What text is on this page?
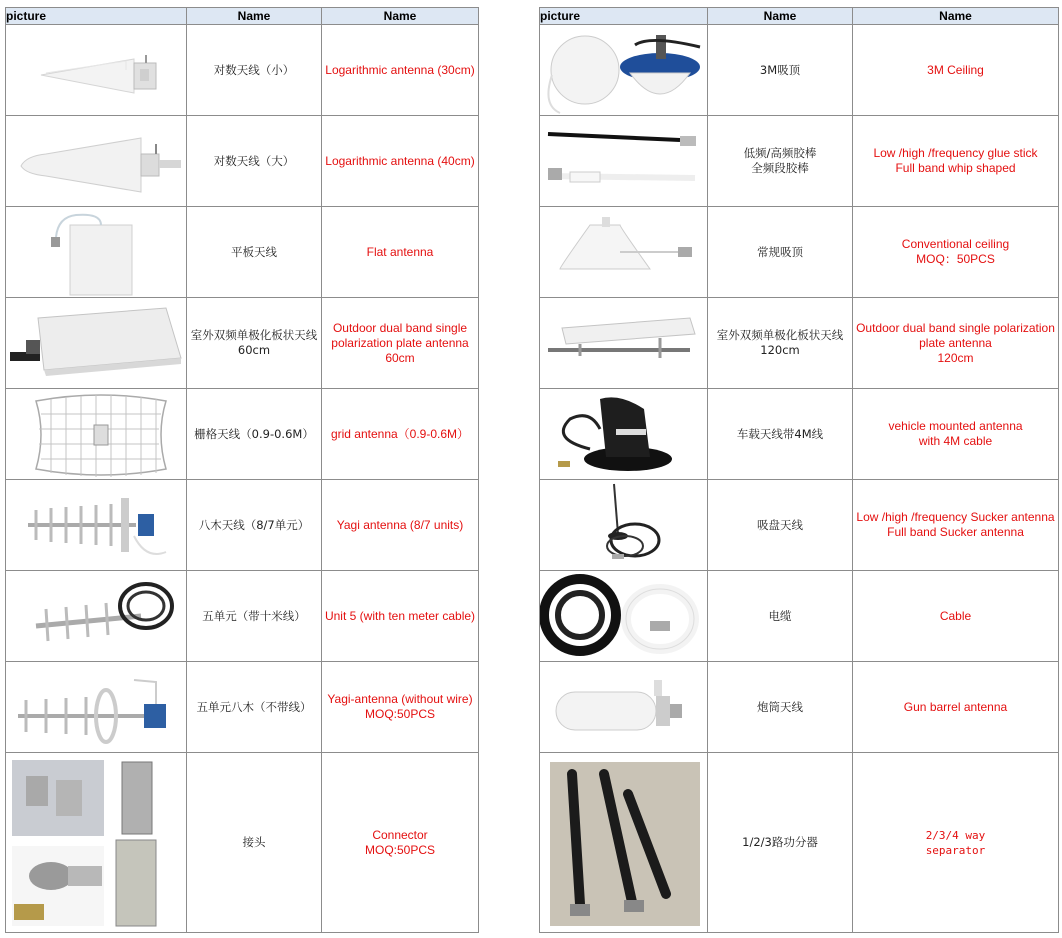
picture	Name	Name

	对数天线（小）	Logarithmic antenna (30cm)

	对数天线（大）	Logarithmic antenna (40cm)

	平板天线	Flat antenna

	室外双频单极化板状天线
60cm	Outdoor dual band single
polarization plate antenna
60cm

	栅格天线（0.9-0.6M）	grid antenna（0.9-0.6M）

	八木天线（8/7单元）	Yagi antenna (8/7 units)

	五单元（带十米线）	Unit 5 (with ten meter cable)

	五单元八木（不带线）	Yagi-antenna (without wire)
MOQ:50PCS

	接头	Connector
MOQ:50PCS
picture	Name	Name

	3M吸顶	3M Ceiling

	低频/高频胶棒
全频段胶棒	Low /high /frequency glue stick
Full band whip shaped

	常规吸顶	Conventional ceiling
MOQ：50PCS

	室外双频单极化板状天线
120cm	Outdoor dual band single polarization
plate antenna
120cm

	车载天线带4M线	vehicle mounted antenna
with 4M cable

	吸盘天线	Low /high /frequency Sucker antenna
Full band Sucker antenna

	电缆	Cable

	炮筒天线	Gun barrel antenna

	1/2/3路功分器	2/3/4 way
separator
